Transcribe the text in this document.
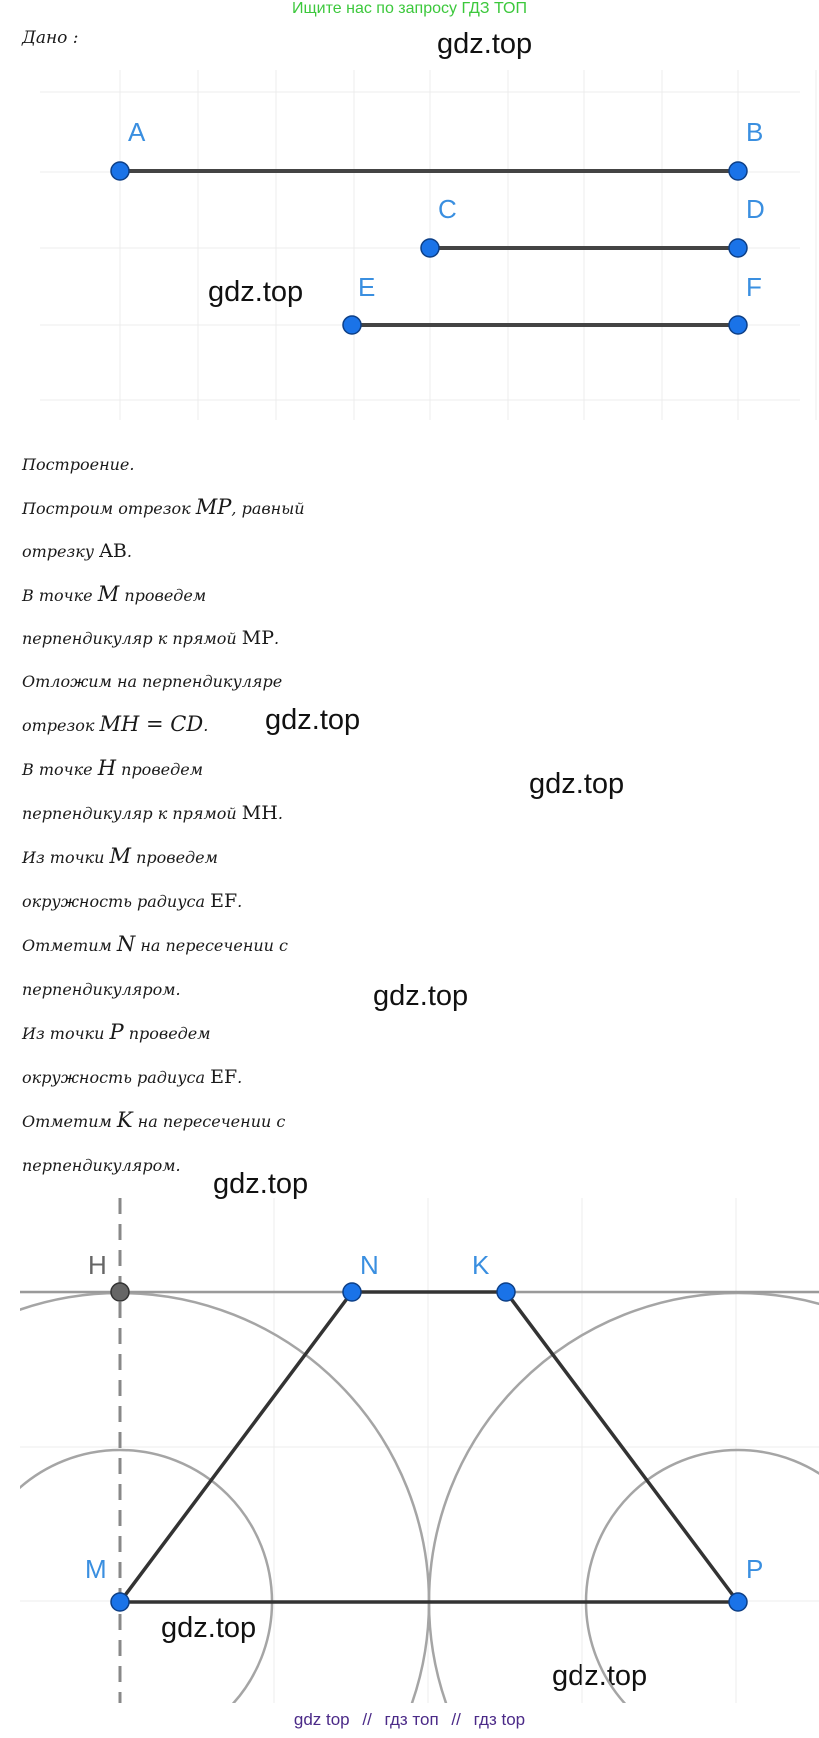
Ищите нас по запросу ГДЗ ТОП
Дано :
A	B
C	D
E	F
gdz.top
gdz.top
gdz.top
gdz.top
gdz.top
gdz.top
gdz.top
gdz.top
Построение.
Построим отрезок MP, равный
отрезку AB.
В точке M проведем
перпендикуляр к прямой MP.
Отложим на перпендикуляре
отрезок MH = CD.
В точке H проведем
перпендикуляр к прямой MH.
Из точки M проведем
окружность радиуса EF.
Отметим N на пересечении с
перпендикуляром.
Из точки P проведем
окружность радиуса EF.
Отметим K на пересечении с
перпендикуляром.
H	N	K
M	P
gdz top // гдз топ // гдз top
